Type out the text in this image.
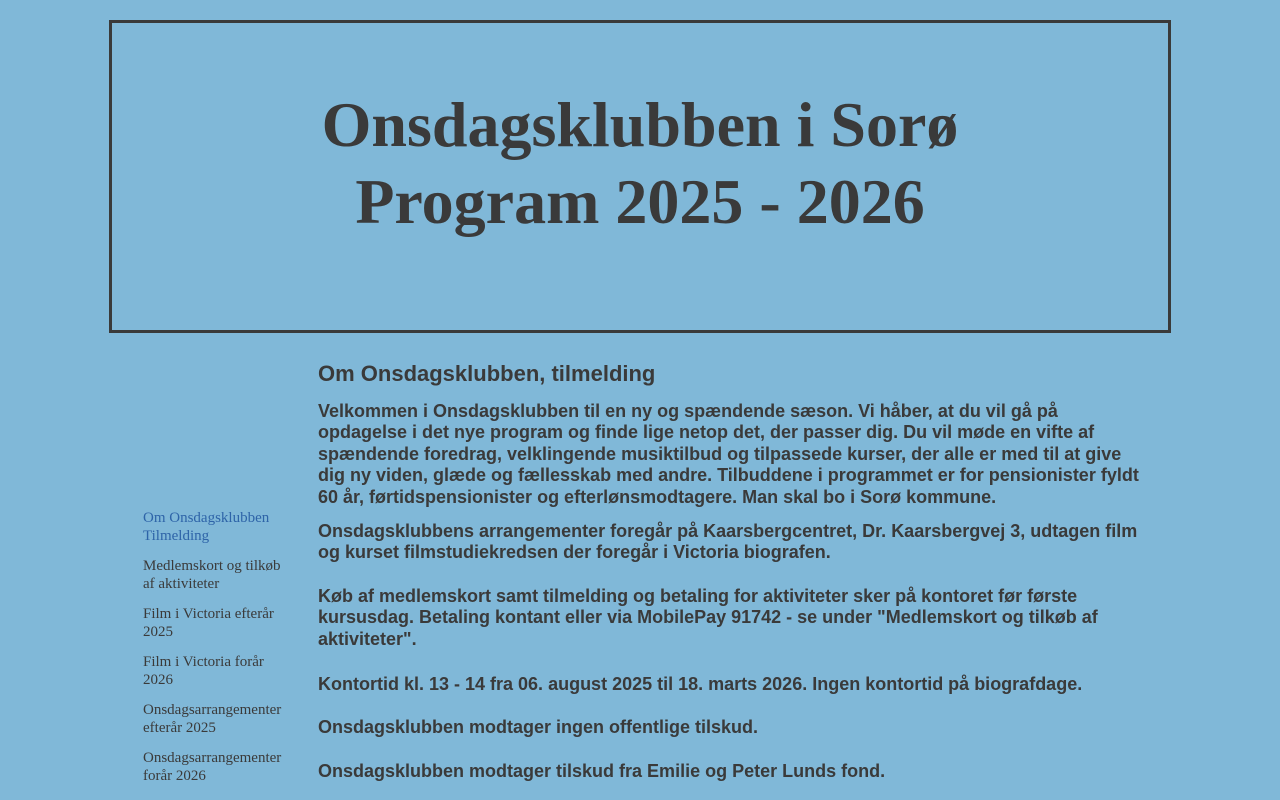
Onsdagsklubben i Sorø
Program 2025 - 2026
Om Onsdagsklubben
Tilmelding
Medlemskort og tilkøb
af aktiviteter
Film i Victoria efterår
2025
Film i Victoria forår
2026
Onsdagsarrangementer
efterår 2025
Onsdagsarrangementer
forår 2026
Om Onsdagsklubben, tilmelding

Velkommen i Onsdagsklubben til en ny og spændende sæson. Vi håber, at du vil gå på opdagelse i det nye program og finde lige netop det, der passer dig. Du vil møde en vifte af spændende foredrag, velklingende musiktilbud og tilpassede kurser, der alle er med til at give dig ny viden, glæde og fællesskab med andre. Tilbuddene i programmet er for pensionister fyldt 60 år, førtidspensionister og efterlønsmodtagere. Man skal bo i Sorø kommune.

Onsdagsklubbens arrangementer foregår på Kaarsbergcentret, Dr. Kaarsbergvej 3, udtagen film og kurset filmstudiekredsen der foregår i Victoria biografen.

Køb af medlemskort samt tilmelding og betaling for aktiviteter sker på kontoret før første kursusdag. Betaling kontant eller via MobilePay 91742 - se under "Medlemskort og tilkøb af aktiviteter".

Kontortid kl. 13 - 14 fra 06. august 2025 til 18. marts 2026. Ingen kontortid på biografdage.

Onsdagsklubben modtager ingen offentlige tilskud.

Onsdagsklubben modtager tilskud fra Emilie og Peter Lunds fond.
